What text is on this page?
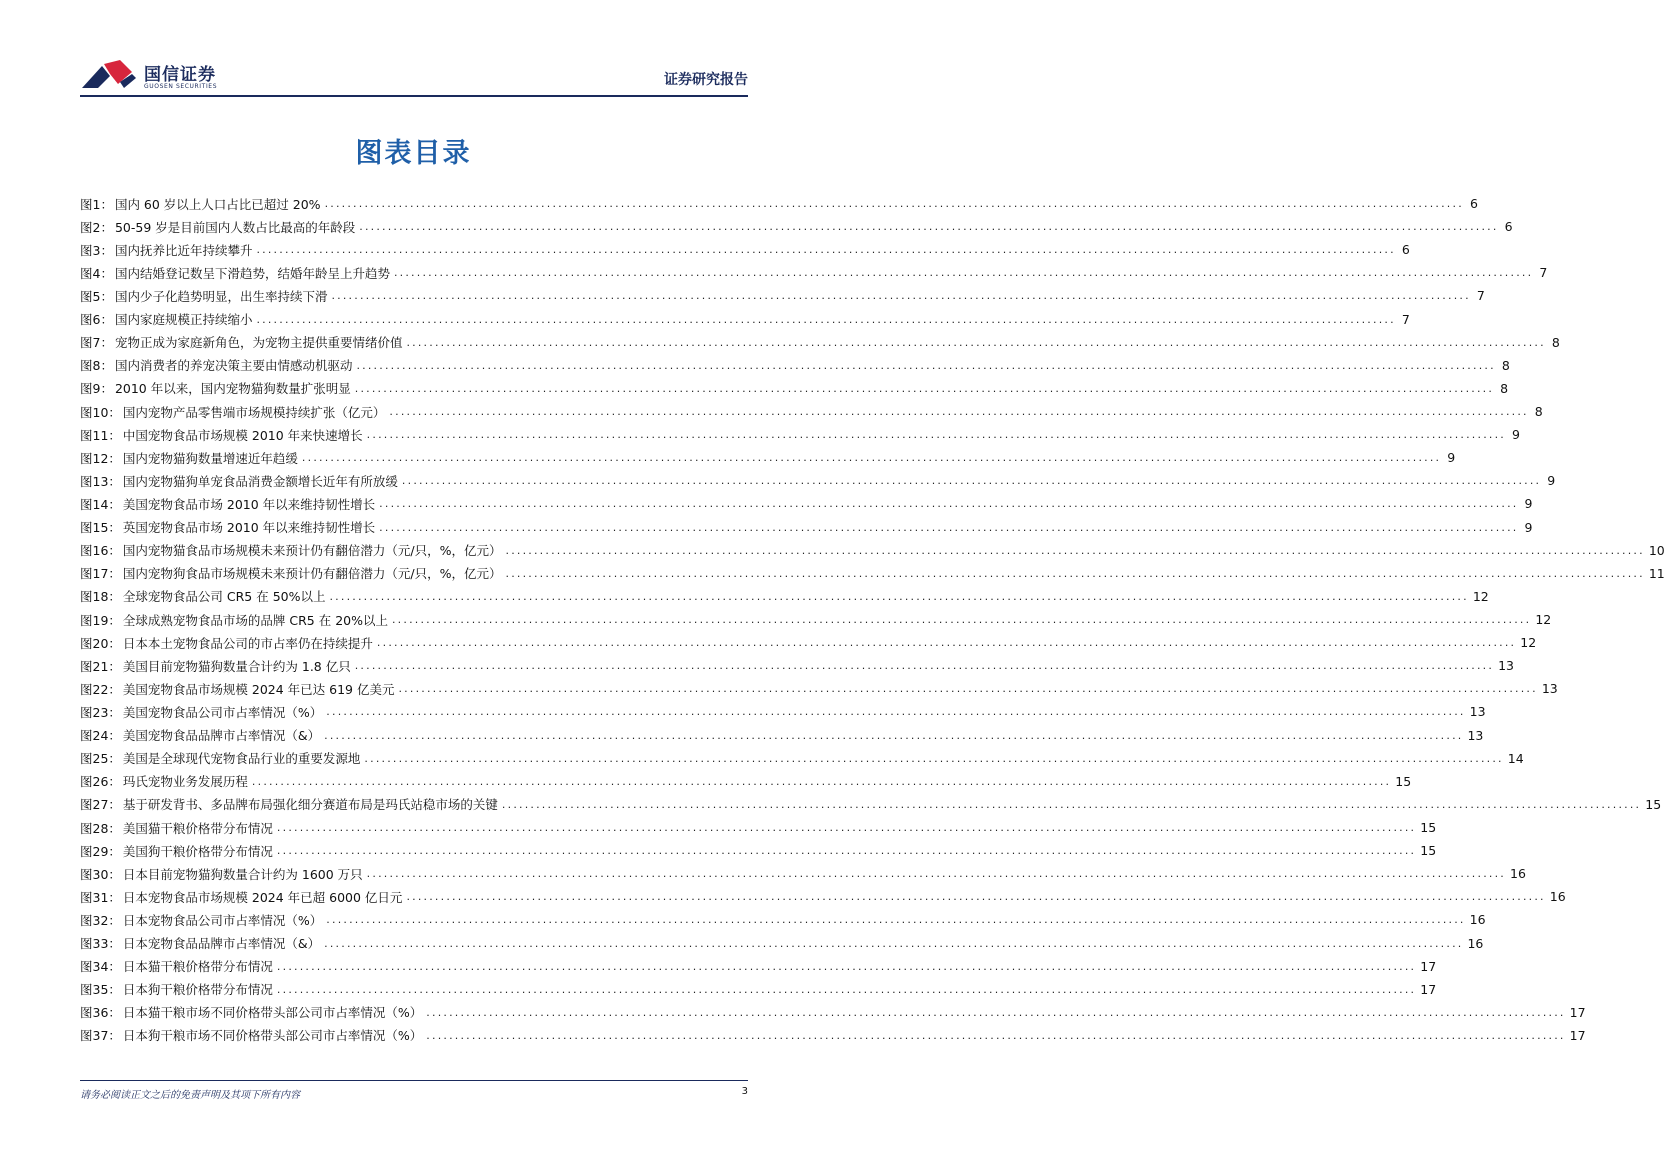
国信证券
GUOSEN SECURITIES	证券研究报告
图表目录
图1： 国内 60 岁以上人口占比已超过 20% ........................................................................................................................................................................................................ 6
图2： 50-59 岁是目前国内人数占比最高的年龄段 ........................................................................................................................................................................................................ 6
图3： 国内抚养比近年持续攀升 ........................................................................................................................................................................................................ 6
图4： 国内结婚登记数呈下滑趋势，结婚年龄呈上升趋势 ........................................................................................................................................................................................................ 7
图5： 国内少子化趋势明显，出生率持续下滑 ........................................................................................................................................................................................................ 7
图6： 国内家庭规模正持续缩小 ........................................................................................................................................................................................................ 7
图7： 宠物正成为家庭新角色，为宠物主提供重要情绪价值 ........................................................................................................................................................................................................ 8
图8： 国内消费者的养宠决策主要由情感动机驱动 ........................................................................................................................................................................................................ 8
图9： 2010 年以来，国内宠物猫狗数量扩张明显 ........................................................................................................................................................................................................ 8
图10： 国内宠物产品零售端市场规模持续扩张（亿元） ........................................................................................................................................................................................................ 8
图11： 中国宠物食品市场规模 2010 年来快速增长 ........................................................................................................................................................................................................ 9
图12： 国内宠物猫狗数量增速近年趋缓 ........................................................................................................................................................................................................ 9
图13： 国内宠物猫狗单宠食品消费金额增长近年有所放缓 ........................................................................................................................................................................................................ 9
图14： 美国宠物食品市场 2010 年以来维持韧性增长 ........................................................................................................................................................................................................ 9
图15： 英国宠物食品市场 2010 年以来维持韧性增长 ........................................................................................................................................................................................................ 9
图16： 国内宠物猫食品市场规模未来预计仍有翻倍潜力（元/只，%，亿元） ........................................................................................................................................................................................................ 10
图17： 国内宠物狗食品市场规模未来预计仍有翻倍潜力（元/只，%，亿元） ........................................................................................................................................................................................................ 11
图18： 全球宠物食品公司 CR5 在 50%以上 ........................................................................................................................................................................................................ 12
图19： 全球成熟宠物食品市场的品牌 CR5 在 20%以上 ........................................................................................................................................................................................................ 12
图20： 日本本土宠物食品公司的市占率仍在持续提升 ........................................................................................................................................................................................................ 12
图21： 美国目前宠物猫狗数量合计约为 1.8 亿只 ........................................................................................................................................................................................................ 13
图22： 美国宠物食品市场规模 2024 年已达 619 亿美元 ........................................................................................................................................................................................................ 13
图23： 美国宠物食品公司市占率情况（%） ........................................................................................................................................................................................................ 13
图24： 美国宠物食品品牌市占率情况（&） ........................................................................................................................................................................................................ 13
图25： 美国是全球现代宠物食品行业的重要发源地 ........................................................................................................................................................................................................ 14
图26： 玛氏宠物业务发展历程 ........................................................................................................................................................................................................ 15
图27： 基于研发背书、多品牌布局强化细分赛道布局是玛氏站稳市场的关键 ........................................................................................................................................................................................................ 15
图28： 美国猫干粮价格带分布情况 ........................................................................................................................................................................................................ 15
图29： 美国狗干粮价格带分布情况 ........................................................................................................................................................................................................ 15
图30： 日本目前宠物猫狗数量合计约为 1600 万只 ........................................................................................................................................................................................................ 16
图31： 日本宠物食品市场规模 2024 年已超 6000 亿日元 ........................................................................................................................................................................................................ 16
图32： 日本宠物食品公司市占率情况（%） ........................................................................................................................................................................................................ 16
图33： 日本宠物食品品牌市占率情况（&） ........................................................................................................................................................................................................ 16
图34： 日本猫干粮价格带分布情况 ........................................................................................................................................................................................................ 17
图35： 日本狗干粮价格带分布情况 ........................................................................................................................................................................................................ 17
图36： 日本猫干粮市场不同价格带头部公司市占率情况（%） ........................................................................................................................................................................................................ 17
图37： 日本狗干粮市场不同价格带头部公司市占率情况（%） ........................................................................................................................................................................................................ 17
请务必阅读正文之后的免责声明及其项下所有内容	3
